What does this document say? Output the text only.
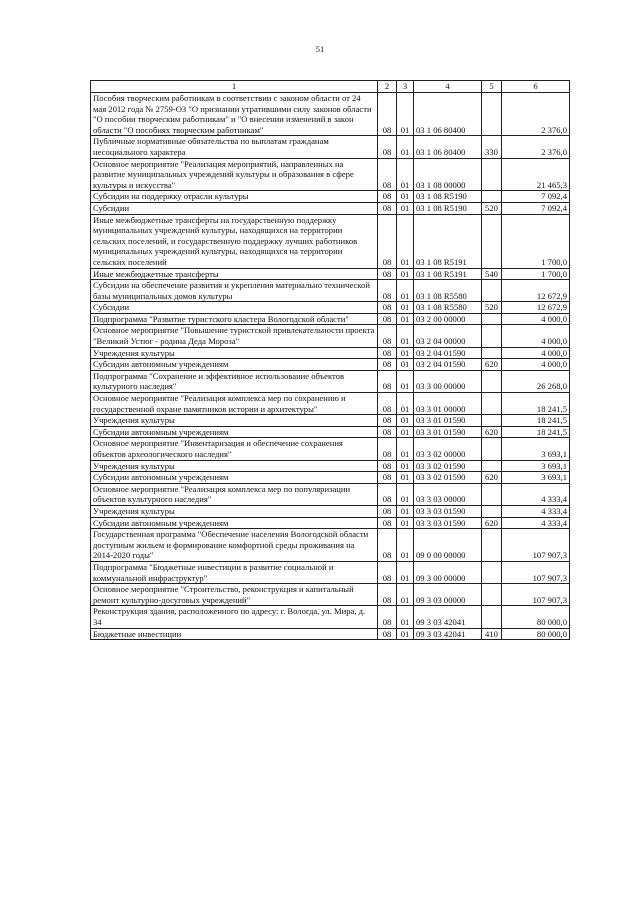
51
1	2	3	4	5	6
Пособия творческим работникам в соответствии с законом области от 24 мая 2012 года № 2759-ОЗ "О признании утратившими силу законов области "О пособии творческим работникам" и "О внесении изменений в закон области "О пособиях творческим работникам"	08	01	03 1 06 80400		2 376,0
Публичные нормативные обязательства по выплатам гражданам несоциального характера	08	01	03 1 06 80400	330	2 376,0
Основное мероприятие "Реализация мероприятий, направленных на развитие муниципальных учреждений культуры и образования в сфере культуры и искусства"	08	01	03 1 08 00000		21 465,3
Субсидии на поддержку отрасли культуры	08	01	03 1 08 R5190		7 092,4
Субсидии	08	01	03 1 08 R5190	520	7 092,4
Иные межбюджетные трансферты на государственную поддержку муниципальных учреждений культуры, находящихся на территории сельских поселений, и государственную поддержку лучших работников муниципальных учреждений культуры, находящихся на территории сельских поселений	08	01	03 1 08 R5191		1 700,0
Иные межбюджетные трансферты	08	01	03 1 08 R5191	540	1 700,0
Субсидии на обеспечение развития и укрепления материально технической базы муниципальных домов культуры	08	01	03 1 08 R5580		12 672,9
Субсидии	08	01	03 1 08 R5580	520	12 672,9
Подпрограмма "Развитие туристского кластера Вологодской области"	08	01	03 2 00 00000		4 000,0
Основное мероприятие "Повышение туристской привлекательности проекта "Великий Устюг - родина Деда Мороза"	08	01	03 2 04 00000		4 000,0
Учреждения культуры	08	01	03 2 04 01590		4 000,0
Субсидии автономным учреждениям	08	01	03 2 04 01590	620	4 000,0
Подпрограмма "Сохранение и эффективное использование объектов культурного наследия"	08	01	03 3 00 00000		26 268,0
Основное мероприятие "Реализация комплекса мер по сохранению и государственной охране памятников истории и архитектуры"	08	01	03 3 01 00000		18 241,5
Учреждения культуры	08	01	03 3 01 01590		18 241,5
Субсидии автономным учреждениям	08	01	03 3 01 01590	620	18 241,5
Основное мероприятие "Инвентаризация и обеспечение сохранения объектов археологического наследия"	08	01	03 3 02 00000		3 693,1
Учреждения культуры	08	01	03 3 02 01590		3 693,1
Субсидии автономным учреждениям	08	01	03 3 02 01590	620	3 693,1
Основное мероприятие "Реализация комплекса мер по популяризации объектов культурного наследия"	08	01	03 3 03 00000		4 333,4
Учреждения культуры	08	01	03 3 03 01590		4 333,4
Субсидии автономным учреждениям	08	01	03 3 03 01590	620	4 333,4
Государственная программа "Обеспечение населения Вологодской области доступным жильем и формирование комфортной среды проживания на 2014-2020 годы"	08	01	09 0 00 00000		107 907,3
Подпрограмма "Бюджетные инвестиции в развитие социальной и коммунальной инфраструктур"	08	01	09 3 00 00000		107 907,3
Основное мероприятие "Строительство, реконструкция и капитальный ремонт культурно-досуговых учреждений"	08	01	09 3 03 00000		107 907,3
Реконструкция здания, расположенного по адресу: г. Вологда, ул. Мира, д. 34	08	01	09 3 03 42041		80 000,0
Бюджетные инвестиции	08	01	09 3 03 42041	410	80 000,0
